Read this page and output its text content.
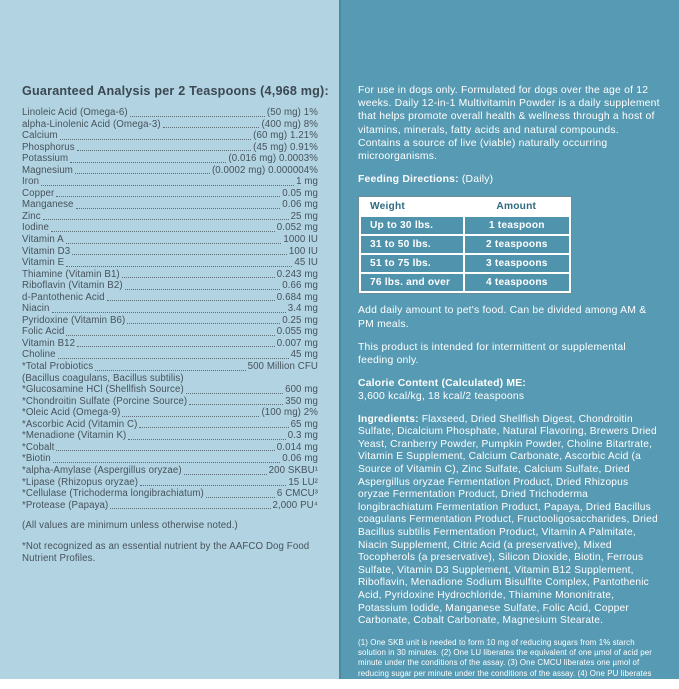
Guaranteed Analysis per 2 Teaspoons (4,968 mg):
Linoleic Acid (Omega-6)	(50 mg) 1%
alpha-Linolenic Acid (Omega-3)	(400 mg) 8%
Calcium	(60 mg) 1.21%
Phosphorus	(45 mg) 0.91%
Potassium	(0.016 mg) 0.0003%
Magnesium	(0.0002 mg) 0.000004%
Iron	1 mg
Copper	0.05 mg
Manganese	0.06 mg
Zinc	25 mg
Iodine	0.052 mg
Vitamin A	1000 IU
Vitamin D3	100 IU
Vitamin E	45 IU
Thiamine (Vitamin B1)	0.243 mg
Riboflavin (Vitamin B2)	0.66 mg
d-Pantothenic Acid	0.684 mg
Niacin	3.4 mg
Pyridoxine (Vitamin B6)	0.25 mg
Folic Acid	0.055 mg
Vitamin B12	0.007 mg
Choline	45 mg
*Total Probiotics	500 Million CFU
(Bacillus coagulans, Bacillus subtilis)
*Glucosamine HCl (Shellfish Source)	600 mg
*Chondroitin Sulfate (Porcine Source)	350 mg
*Oleic Acid (Omega-9)	(100 mg) 2%
*Ascorbic Acid (Vitamin C)	65 mg
*Menadione (Vitamin K)	0.3 mg
*Cobalt	0.014 mg
*Biotin	0.06 mg
*alpha-Amylase (Aspergillus oryzae)	200 SKBU¹
*Lipase (Rhizopus oryzae)	15 LU²
*Cellulase (Trichoderma longibrachiatum)	6 CMCU³
*Protease (Papaya)	2,000 PU⁴

(All values are minimum unless otherwise noted.)

*Not recognized as an essential nutrient by the AAFCO Dog Food Nutrient Profiles.

For use in dogs only. Formulated for dogs over the age of 12 weeks. Daily 12-in-1 Multivitamin Powder is a daily supplement that helps promote overall health & wellness through a host of vitamins, minerals, fatty acids and natural compounds. Contains a source of live (viable) naturally occurring microorganisms.

Feeding Directions: (Daily)

Weight	Amount
Up to 30 lbs.	1 teaspoon
31 to 50 lbs.	2 teaspoons
51 to 75 lbs.	3 teaspoons
76 lbs. and over	4 teaspoons

Add daily amount to pet's food. Can be divided among AM & PM meals.

This product is intended for intermittent or supplemental feeding only.

Calorie Content (Calculated) ME:
3,600 kcal/kg, 18 kcal/2 teaspoons

Ingredients: Flaxseed, Dried Shellfish Digest, Chondroitin Sulfate, Dicalcium Phosphate, Natural Flavoring, Brewers Dried Yeast, Cranberry Powder, Pumpkin Powder, Choline Bitartrate, Vitamin E Supplement, Calcium Carbonate, Ascorbic Acid (a Source of Vitamin C), Zinc Sulfate, Calcium Sulfate, Dried Aspergillus oryzae Fermentation Product, Dried Rhizopus oryzae Fermentation Product, Dried Trichoderma longibrachiatum Fermentation Product, Papaya, Dried Bacillus coagulans Fermentation Product, Fructooligosaccharides, Dried Bacillus subtilis Fermentation Product, Vitamin A Palmitate, Niacin Supplement, Citric Acid (a preservative), Mixed Tocopherols (a preservative), Silicon Dioxide, Biotin, Ferrous Sulfate, Vitamin D3 Supplement, Vitamin B12 Supplement, Riboflavin, Menadione Sodium Bisulfite Complex, Pantothenic Acid, Pyridoxine Hydrochloride, Thiamine Mononitrate, Potassium Iodide, Manganese Sulfate, Folic Acid, Copper Carbonate, Cobalt Carbonate, Magnesium Stearate.

(1) One SKB unit is needed to form 10 mg of reducing sugars from 1% starch solution in 30 minutes. (2) One LU liberates the equivalent of one µmol of acid per minute under the conditions of the assay. (3) One CMCU liberates one µmol of reducing sugar per minute under the conditions of the assay. (4) One PU liberates one microgram of tyrosine per hour under the conditions of the assay.
